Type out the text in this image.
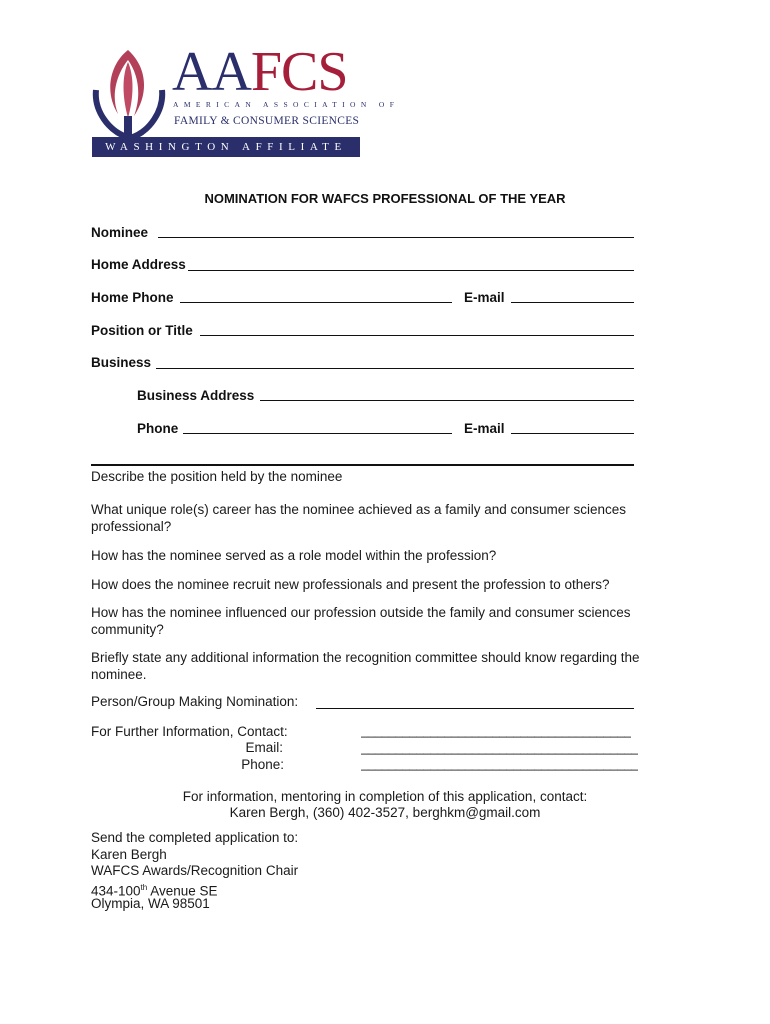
AAFCS
AMERICAN ASSOCIATION OF
FAMILY & CONSUMER SCIENCES
WASHINGTON AFFILIATE
NOMINATION FOR WAFCS PROFESSIONAL OF THE YEAR
Nominee
Home Address
Home Phone	E-mail
Position or Title
Business
Business Address
Phone	E-mail
Describe the position held by the nominee
What unique role(s) career has the nominee achieved as a family and consumer sciences professional?
How has the nominee served as a role model within the profession?
How does the nominee recruit new professionals and present the profession to others?
How has the nominee influenced our profession outside the family and consumer sciences community?
Briefly state any additional information the recognition committee should know regarding the nominee.
Person/Group Making Nomination:
For Further Information, Contact:
Email:
Phone:
_______________________________________
________________________________________
________________________________________
For information, mentoring in completion of this application, contact:
Karen Bergh, (360) 402-3527, berghkm@gmail.com
Send the completed application to:
Karen Bergh
WAFCS Awards/Recognition Chair
434-100th Avenue SE
Olympia, WA 98501
